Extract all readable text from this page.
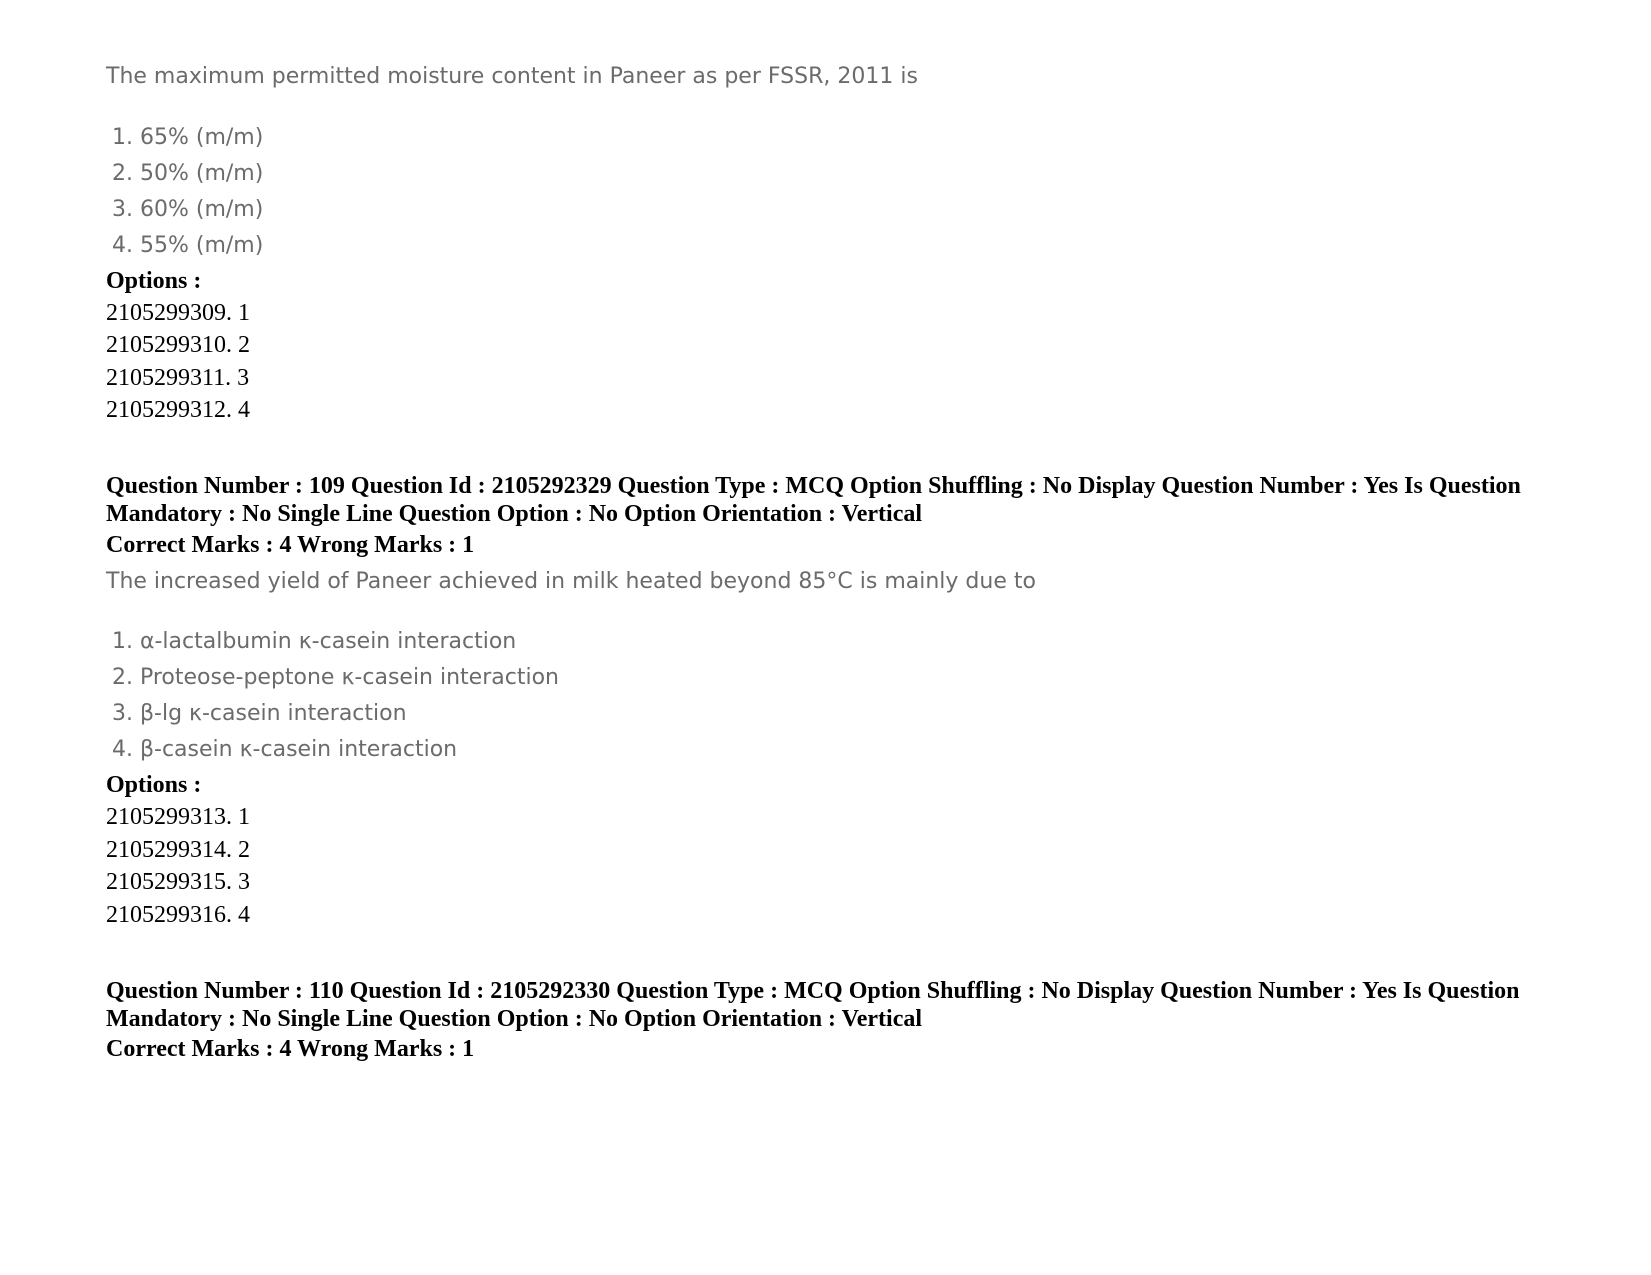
The maximum permitted moisture content in Paneer as per FSSR, 2011 is
1. 65% (m/m)
2. 50% (m/m)
3. 60% (m/m)
4. 55% (m/m)
Options :
2105299309. 1
2105299310. 2
2105299311. 3
2105299312. 4
Question Number : 109 Question Id : 2105292329 Question Type : MCQ Option Shuffling : No Display Question Number : Yes Is Question Mandatory : No Single Line Question Option : No Option Orientation : Vertical
Correct Marks : 4 Wrong Marks : 1
The increased yield of Paneer achieved in milk heated beyond 85°C is mainly due to
1. α-lactalbumin κ-casein interaction
2. Proteose-peptone κ-casein interaction
3. β-lg κ-casein interaction
4. β-casein κ-casein interaction
Options :
2105299313. 1
2105299314. 2
2105299315. 3
2105299316. 4
Question Number : 110 Question Id : 2105292330 Question Type : MCQ Option Shuffling : No Display Question Number : Yes Is Question Mandatory : No Single Line Question Option : No Option Orientation : Vertical
Correct Marks : 4 Wrong Marks : 1
